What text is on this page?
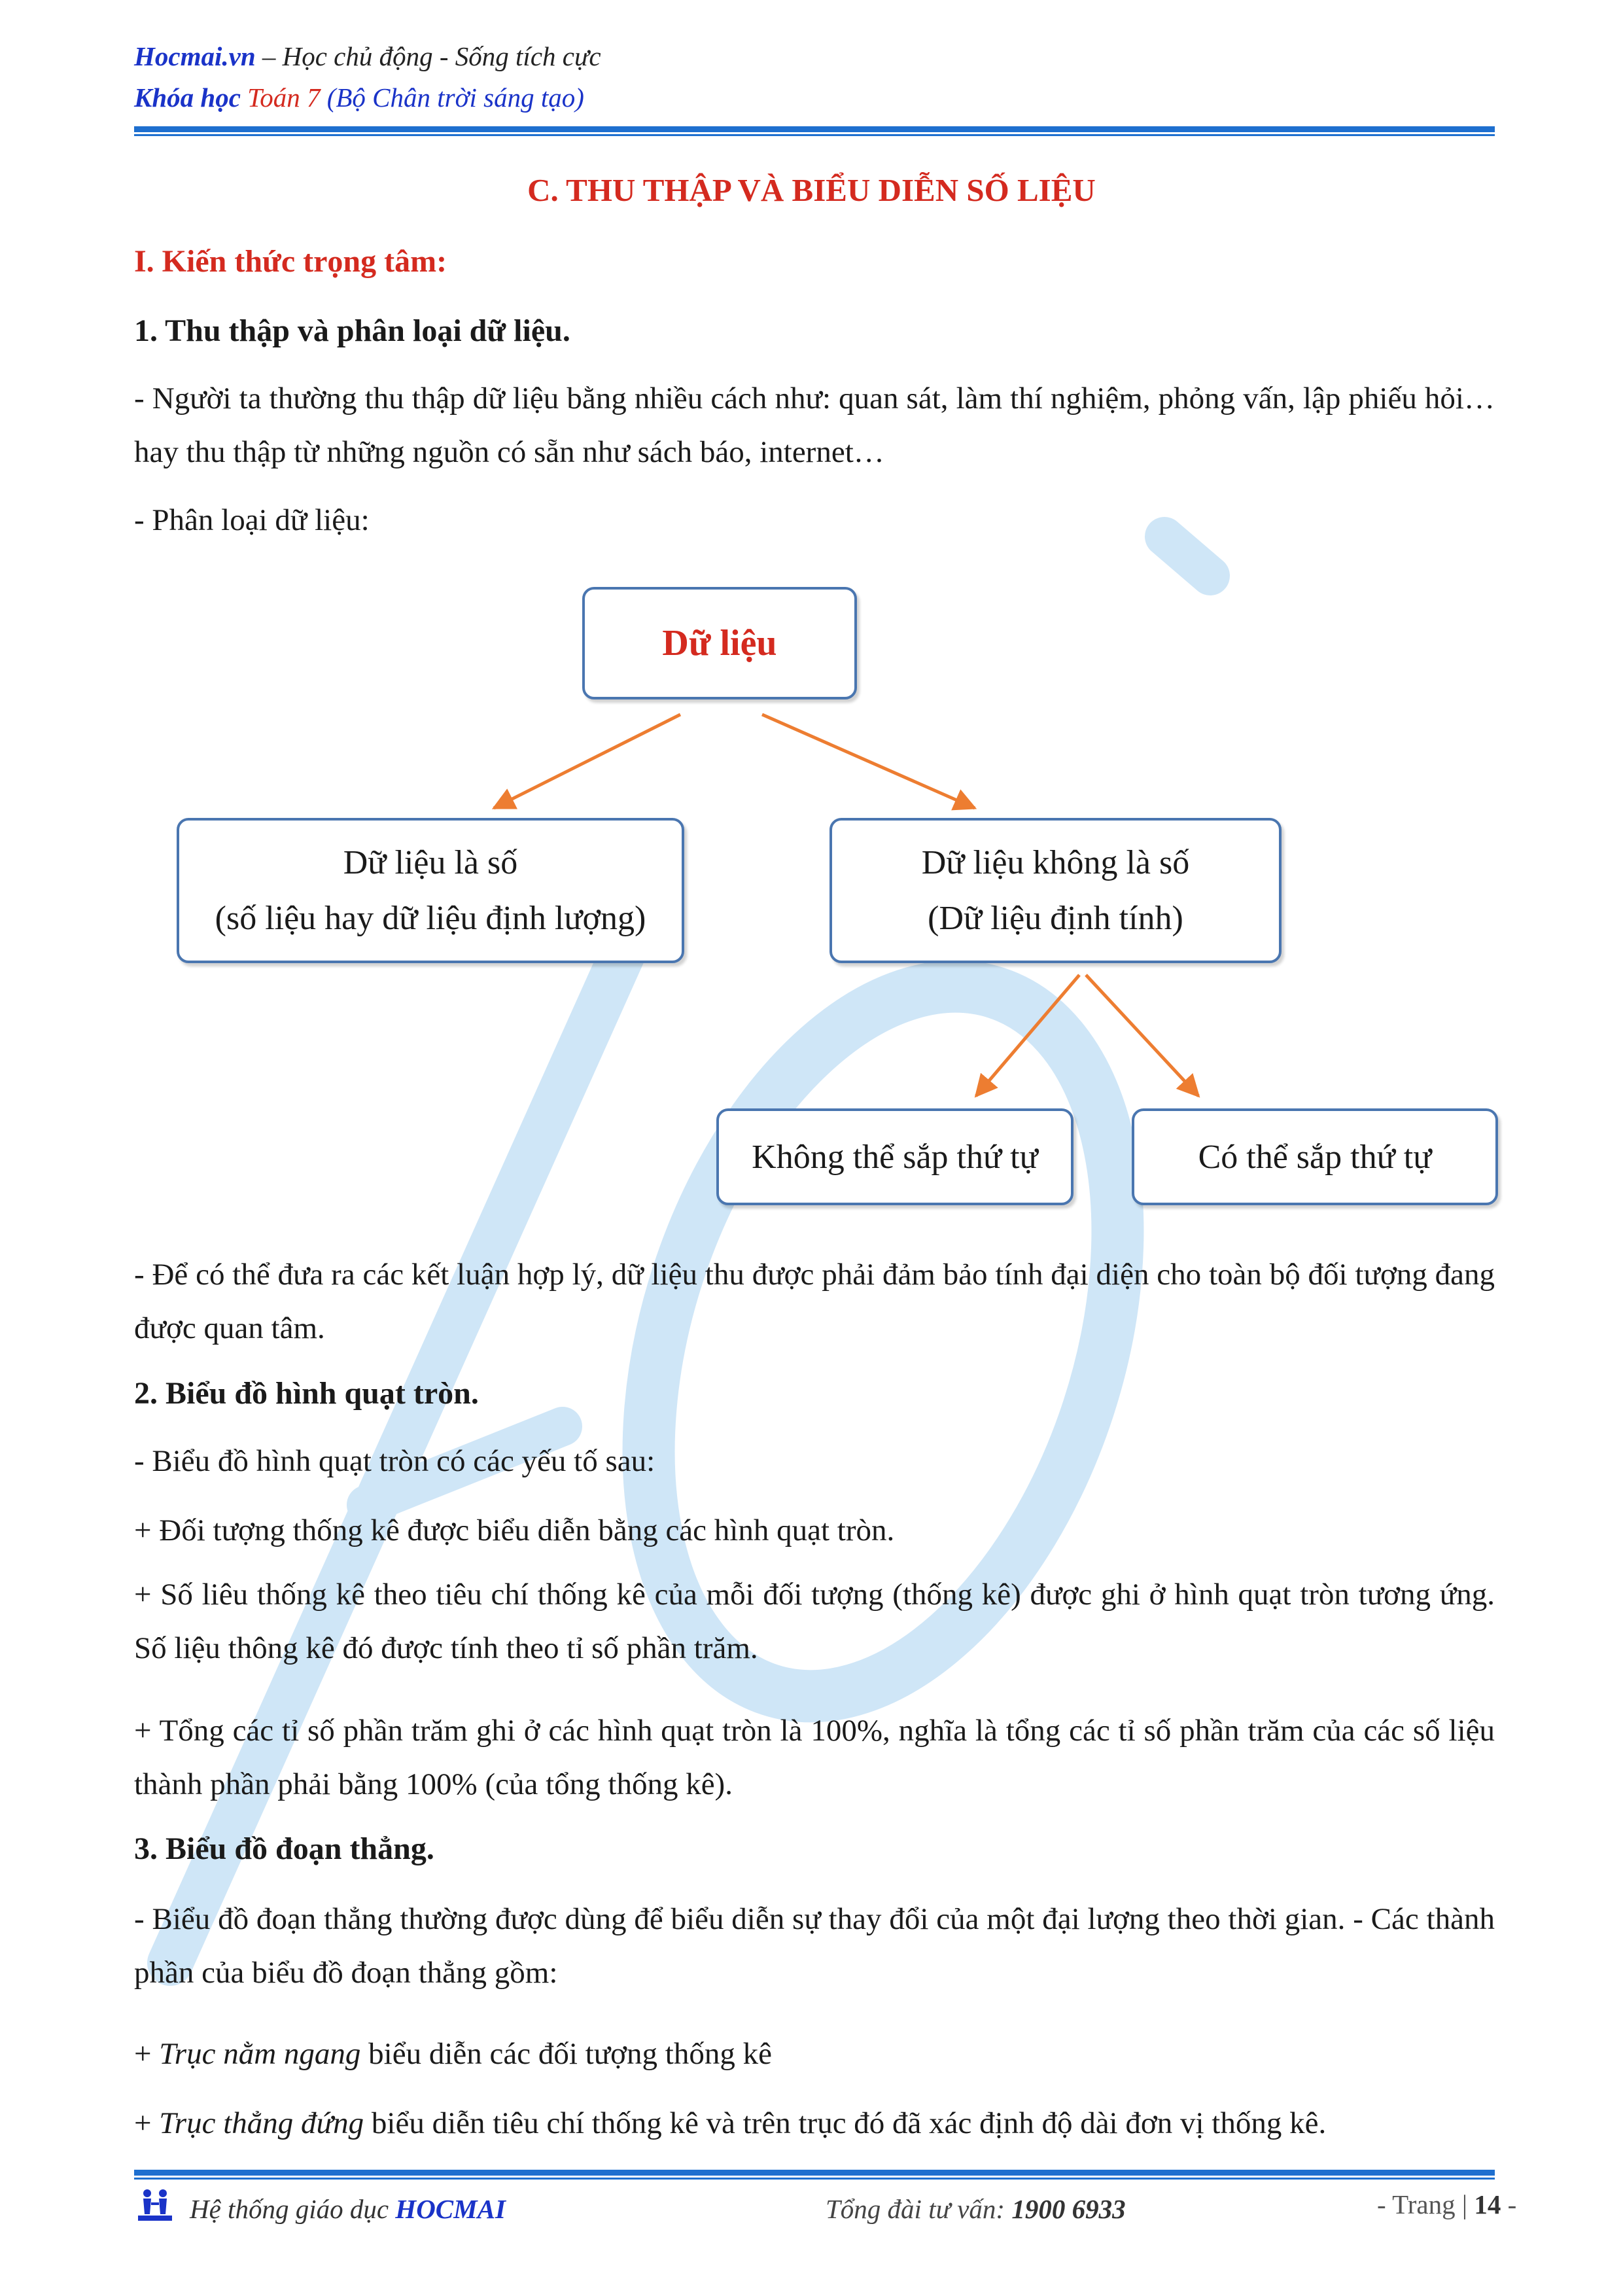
Hocmai.vn – Học chủ động - Sống tích cực
Khóa học Toán 7 (Bộ Chân trời sáng tạo)
C. THU THẬP VÀ BIỂU DIỄN SỐ LIỆU
I. Kiến thức trọng tâm:
1. Thu thập và phân loại dữ liệu.
- Người ta thường thu thập dữ liệu bằng nhiều cách như: quan sát, làm thí nghiệm, phỏng vấn, lập phiếu hỏi…hay thu thập từ những nguồn có sẵn như sách báo, internet…
- Phân loại dữ liệu:
Dữ liệu
Dữ liệu là số
(số liệu hay dữ liệu định lượng)
Dữ liệu không là số
(Dữ liệu định tính)
Không thể sắp thứ tự	Có thể sắp thứ tự
- Để có thể đưa ra các kết luận hợp lý, dữ liệu thu được phải đảm bảo tính đại diện cho toàn bộ đối tượng đang được quan tâm.
2. Biểu đồ hình quạt tròn.
- Biểu đồ hình quạt tròn có các yếu tố sau:
+ Đối tượng thống kê được biểu diễn bằng các hình quạt tròn.
+ Số liêu thống kê theo tiêu chí thống kê của mỗi đối tượng (thống kê) được ghi ở hình quạt tròn tương ứng. Số liệu thông kê đó được tính theo tỉ số phần trăm.
+ Tổng các tỉ số phần trăm ghi ở các hình quạt tròn là 100%, nghĩa là tổng các tỉ số phần trăm của các số liệu thành phần phải bằng 100% (của tổng thống kê).
3. Biểu đồ đoạn thẳng.
- Biểu đồ đoạn thẳng thường được dùng để biểu diễn sự thay đổi của một đại lượng theo thời gian. - Các thành phần của biểu đồ đoạn thẳng gồm:
+ Trục nằm ngang biểu diễn các đối tượng thống kê
+ Trục thẳng đứng biểu diễn tiêu chí thống kê và trên trục đó đã xác định độ dài đơn vị thống kê.
Hệ thống giáo dục HOCMAI	Tổng đài tư vấn: 1900 6933	- Trang | 14 -
